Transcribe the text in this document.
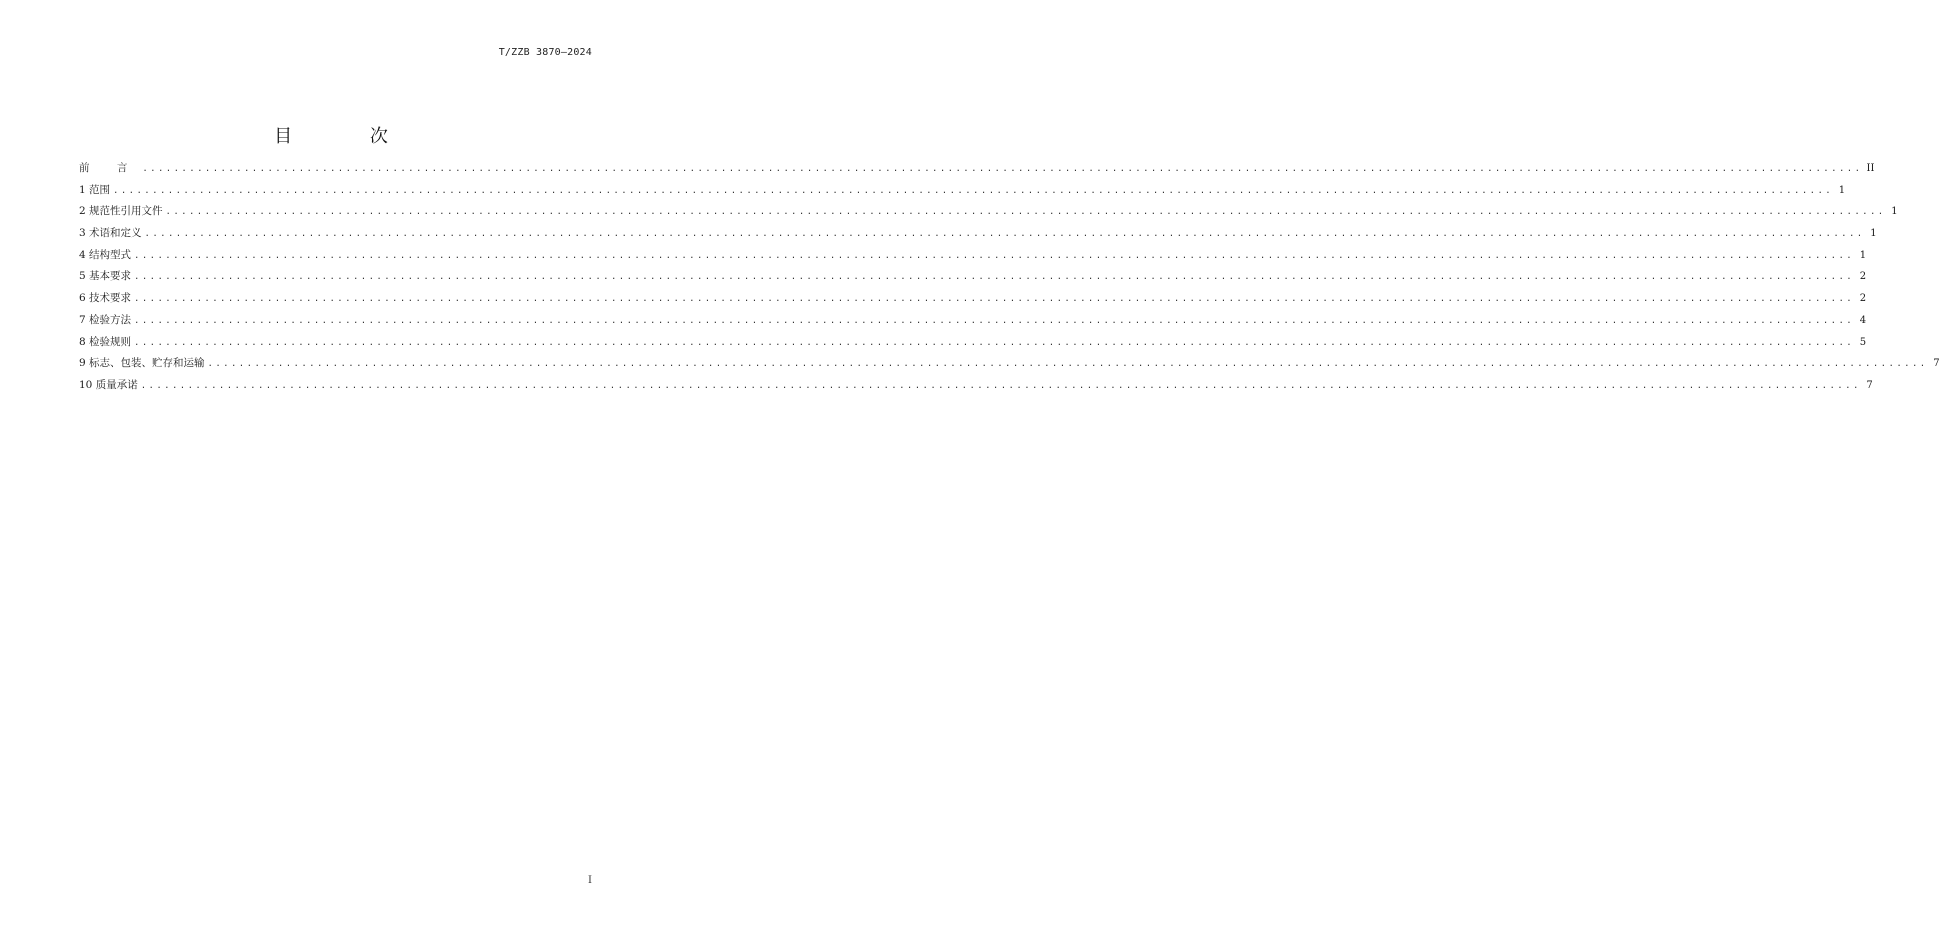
T/ZZB 3870—2024
目 次
前 言 ............................................................................................................................................................................................................................ II
1 范围 ............................................................................................................................................................................................................................ 1
2 规范性引用文件 ............................................................................................................................................................................................................................ 1
3 术语和定义 ............................................................................................................................................................................................................................ 1
4 结构型式 ............................................................................................................................................................................................................................ 1
5 基本要求 ............................................................................................................................................................................................................................ 2
6 技术要求 ............................................................................................................................................................................................................................ 2
7 检验方法 ............................................................................................................................................................................................................................ 4
8 检验规则 ............................................................................................................................................................................................................................ 5
9 标志、包装、贮存和运输 ............................................................................................................................................................................................................................ 7
10 质量承诺 ............................................................................................................................................................................................................................ 7
I
